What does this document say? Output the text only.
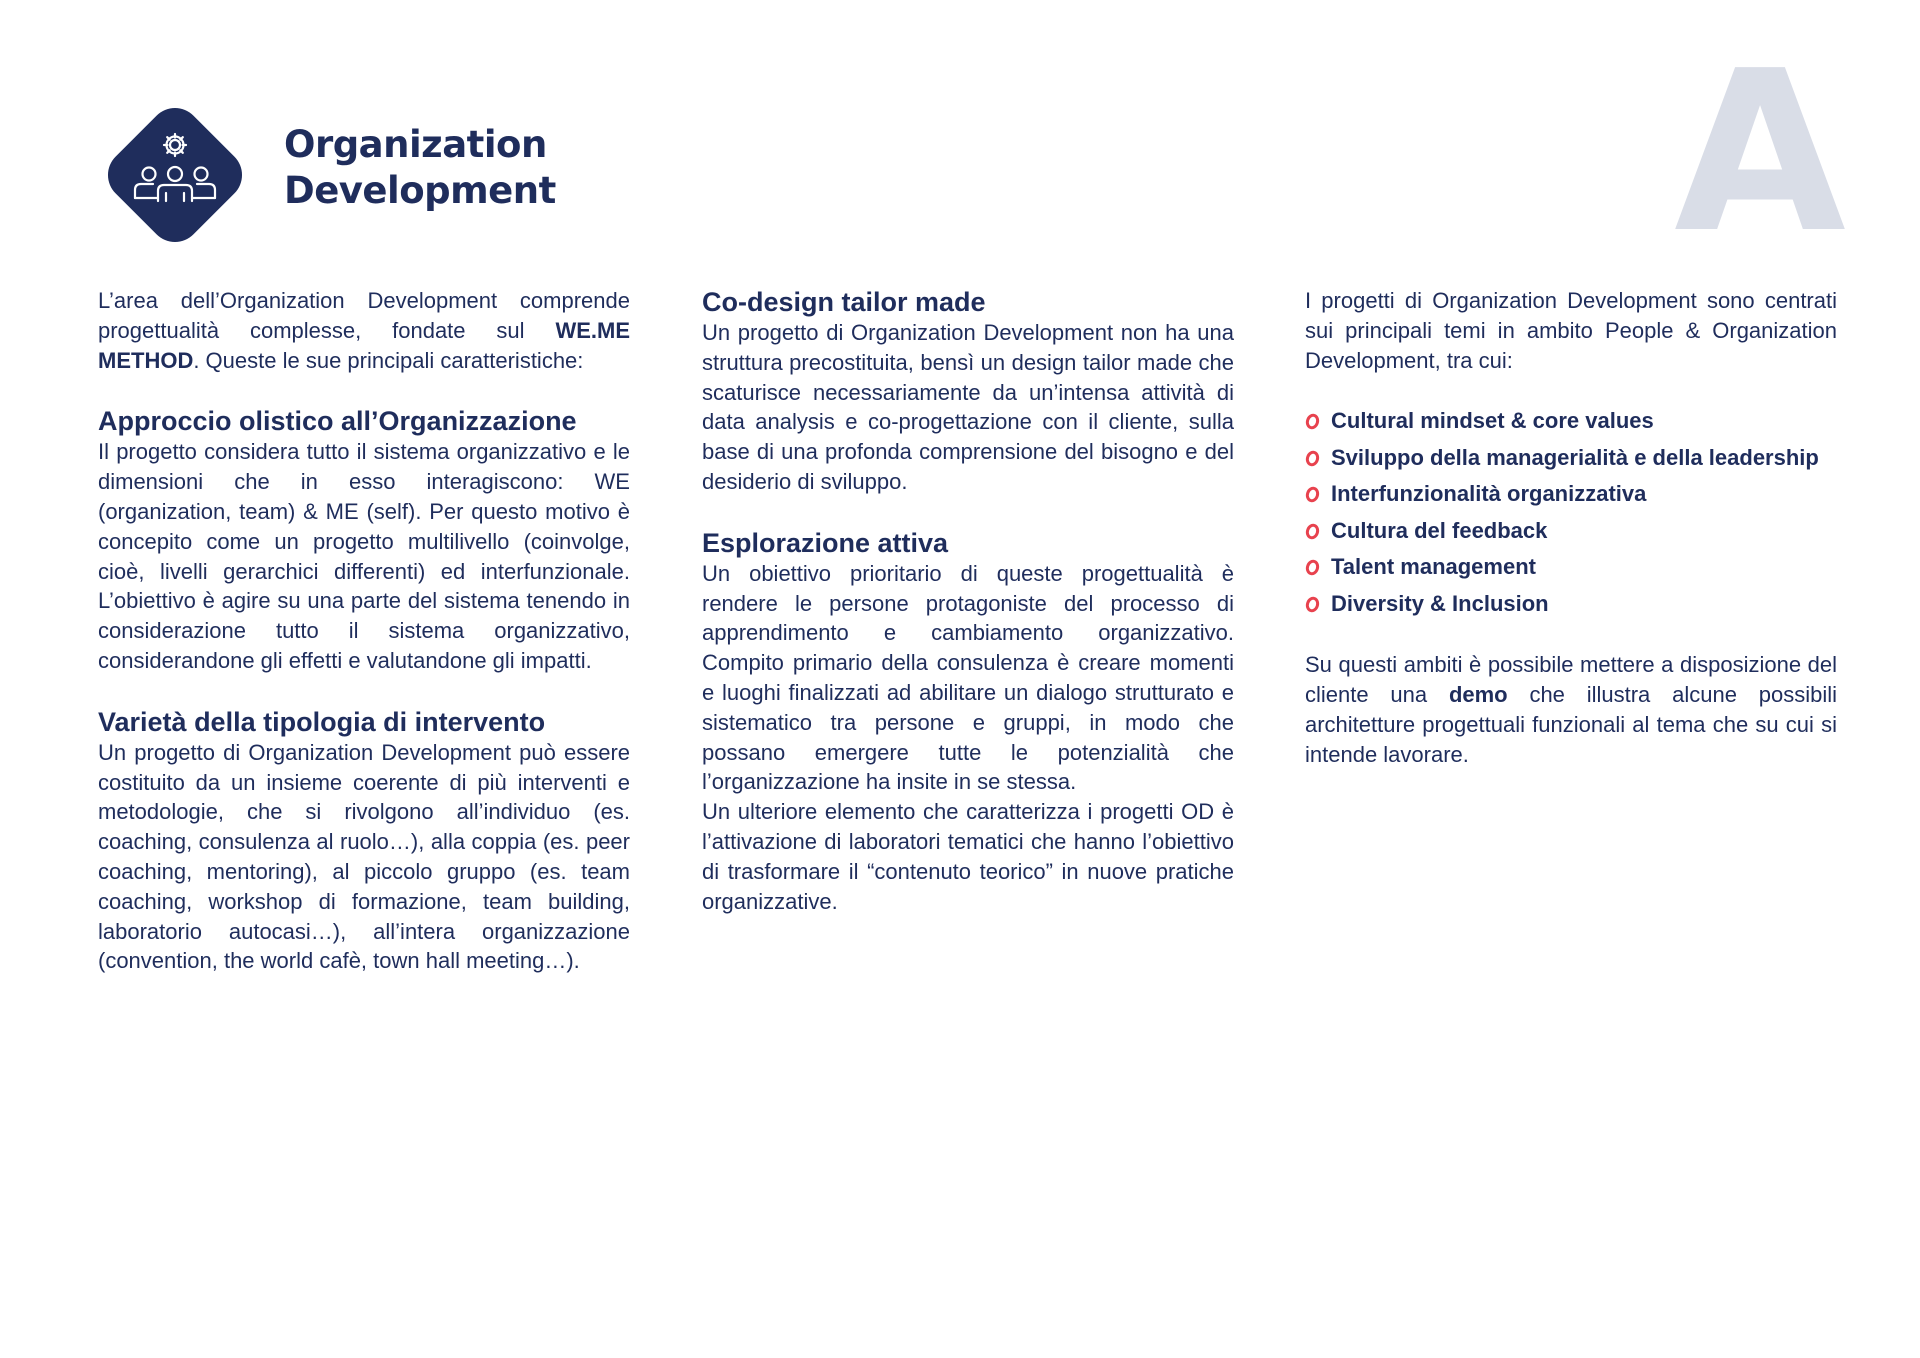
Organization
Development	A

L’area dell’Organization Development comprende progettualità complesse, fondate sul WE.ME METHOD. Queste le sue principali caratteristiche:

Approccio olistico all’Organizzazione

Il progetto considera tutto il sistema organizzativo e le dimensioni che in esso interagiscono: WE (organization, team) & ME (self). Per questo motivo è concepito come un progetto multilivello (coinvolge, cioè, livelli gerarchici differenti) ed interfunzionale. L’obiettivo è agire su una parte del sistema tenendo in considerazione tutto il sistema organizzativo, considerandone gli effetti e valutandone gli impatti.

Varietà della tipologia di intervento

Un progetto di Organization Development può essere costituito da un insieme coerente di più interventi e metodologie, che si rivolgono all’individuo (es. coaching, consulenza al ruolo…), alla coppia (es. peer coaching, mentoring), al piccolo gruppo (es. team coaching, workshop di formazione, team building, laboratorio autocasi…), all’intera organizzazione (convention, the world cafè, town hall meeting…).

Co-design tailor made

Un progetto di Organization Development non ha una struttura precostituita, bensì un design tailor made che scaturisce necessariamente da un’intensa attività di data analysis e co-progettazione con il cliente, sulla base di una profonda comprensione del bisogno e del desiderio di sviluppo.

Esplorazione attiva

Un obiettivo prioritario di queste progettualità è rendere le persone protagoniste del processo di apprendimento e cambiamento organizzativo. Compito primario della consulenza è creare momenti e luoghi finalizzati ad abilitare un dialogo strutturato e sistematico tra persone e gruppi, in modo che possano emergere tutte le potenzialità che l’organizzazione ha insite in se stessa.

Un ulteriore elemento che caratterizza i progetti OD è l’attivazione di laboratori tematici che hanno l’obiettivo di trasformare il “contenuto teorico” in nuove pratiche organizzative.

I progetti di Organization Development sono centrati sui principali temi in ambito People & Organization Development, tra cui:

Cultural mindset & core values
Sviluppo della managerialità e della leadership
Interfunzionalità organizzativa
Cultura del feedback
Talent management
Diversity & Inclusion

Su questi ambiti è possibile mettere a disposizione del cliente una demo che illustra alcune possibili architetture progettuali funzionali al tema che su cui si intende lavorare.
